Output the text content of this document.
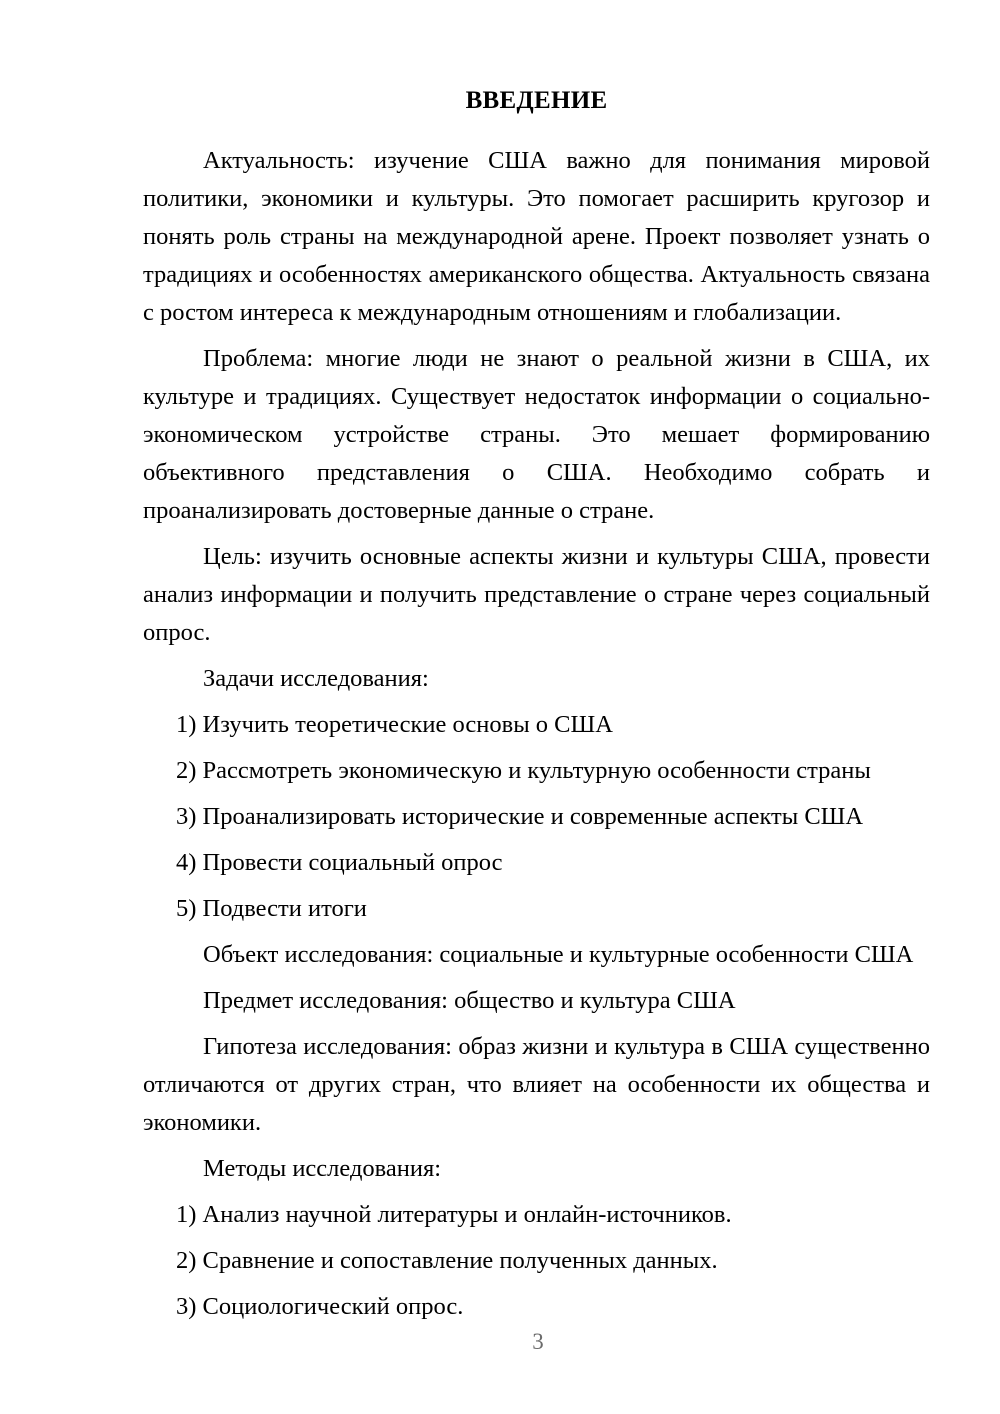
ВВЕДЕНИЕ

Актуальность: изучение США важно для понимания мировой политики, экономики и культуры. Это помогает расширить кругозор и понять роль страны на международной арене. Проект позволяет узнать о традициях и особенностях американского общества. Актуальность связана с ростом интереса к международным отношениям и глобализации.

Проблема: многие люди не знают о реальной жизни в США, их культуре и традициях. Существует недостаток информации о социально-экономическом устройстве страны. Это мешает формированию объективного представления о США. Необходимо собрать и проанализировать достоверные данные о стране.

Цель: изучить основные аспекты жизни и культуры США, провести анализ информации и получить представление о стране через социальный опрос.

Задачи исследования:

1) Изучить теоретические основы о США
2) Рассмотреть экономическую и культурную особенности страны
3) Проанализировать исторические и современные аспекты США
4) Провести социальный опрос
5) Подвести итоги

Объект исследования: социальные и культурные особенности США

Предмет исследования: общество и культура США

Гипотеза исследования: образ жизни и культура в США существенно отличаются от других стран, что влияет на особенности их общества и экономики.

Методы исследования:

1) Анализ научной литературы и онлайн-источников.
2) Сравнение и сопоставление полученных данных.
3) Социологический опрос.
3
